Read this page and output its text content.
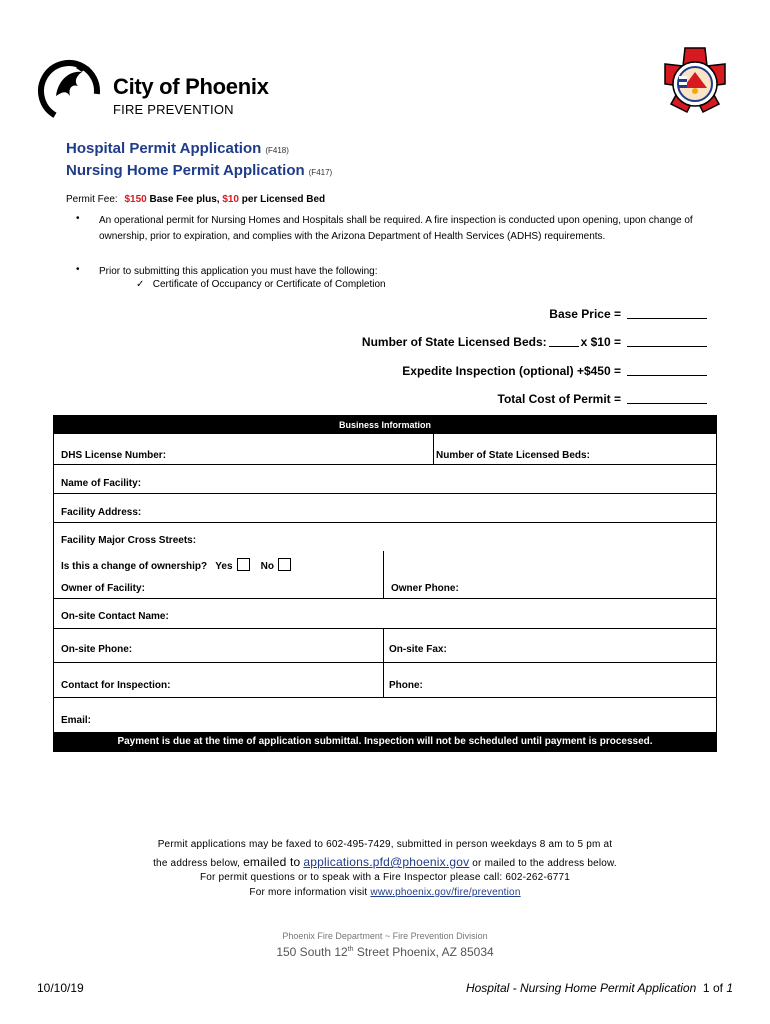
City of Phoenix
FIRE PREVENTION
Hospital Permit Application (F418)
Nursing Home Permit Application (F417)
Permit Fee: $150 Base Fee plus, $10 per Licensed Bed
• An operational permit for Nursing Homes and Hospitals shall be required. A fire inspection is conducted upon opening, upon change of ownership, prior to expiration, and complies with the Arizona Department of Health Services (ADHS) requirements.
• Prior to submitting this application you must have the following:
✓ Certificate of Occupancy or Certificate of Completion
Base Price =
Number of State Licensed Beds:	x $10 =
Expedite Inspection (optional) +$450 =
Total Cost of Permit =
Business Information
DHS License Number:	Number of State Licensed Beds:
Name of Facility:
Facility Address:
Facility Major Cross Streets:
Is this a change of ownership? Yes	No
Owner of Facility:	Owner Phone:
On-site Contact Name:
On-site Phone:	On-site Fax:
Contact for Inspection:	Phone:
Email:
Payment is due at the time of application submittal. Inspection will not be scheduled until payment is processed.
Permit applications may be faxed to 602-495-7429, submitted in person weekdays 8 am to 5 pm at
the address below, emailed to applications.pfd@phoenix.gov or mailed to the address below.
For permit questions or to speak with a Fire Inspector please call: 602-262-6771
For more information visit www.phoenix.gov/fire/prevention
Phoenix Fire Department ~ Fire Prevention Division
150 South 12th Street Phoenix, AZ 85034
10/10/19	Hospital - Nursing Home Permit Application 1 of 1
